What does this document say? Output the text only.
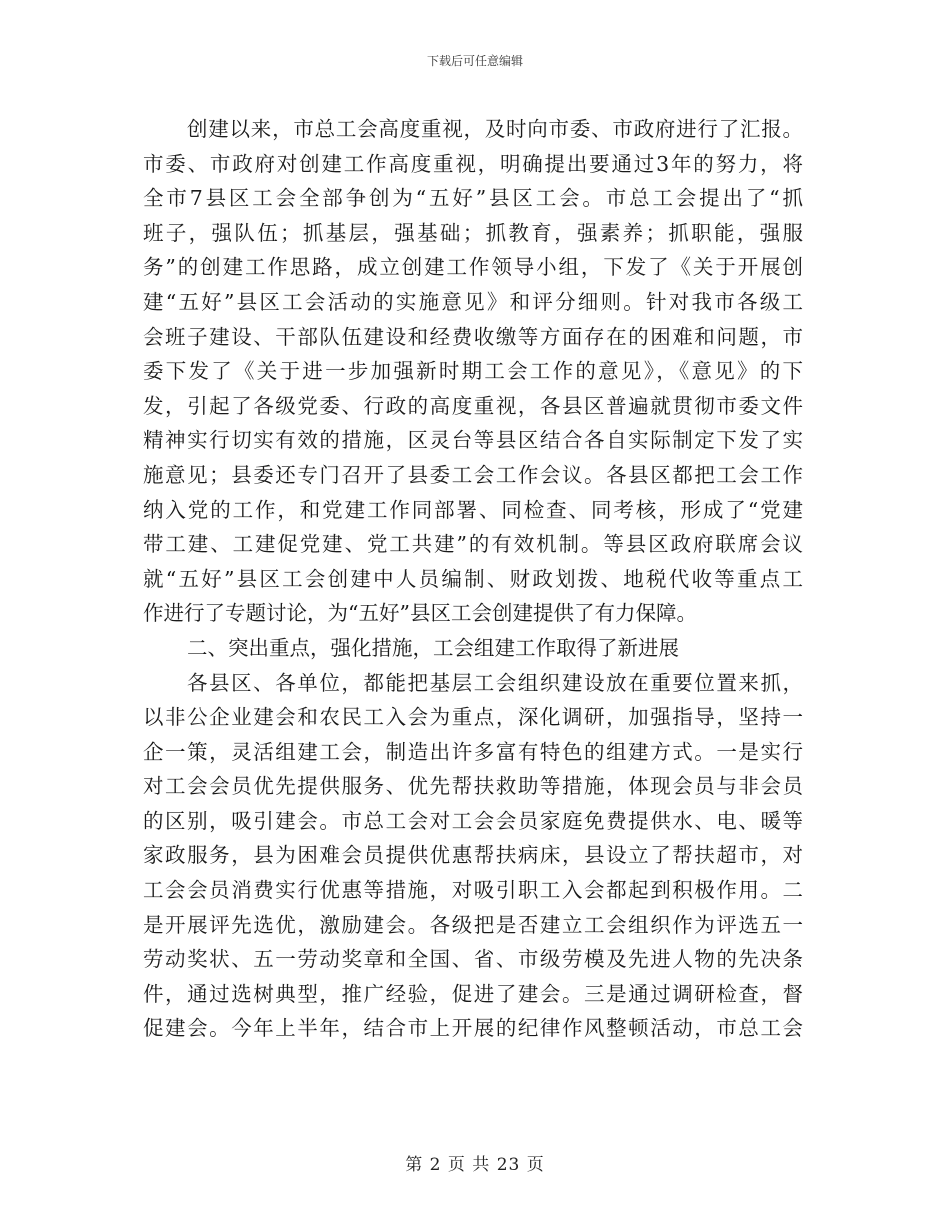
下载后可任意编辑
创建以来，市总工会高度重视，及时向市委、市政府进行了汇报。
市委、市政府对创建工作高度重视，明确提出要通过3年的努力，将
全市7县区工会全部争创为“五好”县区工会。市总工会提出了“抓
班子，强队伍；抓基层，强基础；抓教育，强素养；抓职能，强服
务”的创建工作思路，成立创建工作领导小组，下发了《关于开展创
建“五好”县区工会活动的实施意见》和评分细则。针对我市各级工
会班子建设、干部队伍建设和经费收缴等方面存在的困难和问题，市
委下发了《关于进一步加强新时期工会工作的意见》，《意见》的下
发，引起了各级党委、行政的高度重视，各县区普遍就贯彻市委文件
精神实行切实有效的措施，区灵台等县区结合各自实际制定下发了实
施意见；县委还专门召开了县委工会工作会议。各县区都把工会工作
纳入党的工作，和党建工作同部署、同检查、同考核，形成了“党建
带工建、工建促党建、党工共建”的有效机制。等县区政府联席会议
就“五好”县区工会创建中人员编制、财政划拨、地税代收等重点工
作进行了专题讨论，为“五好”县区工会创建提供了有力保障。
二、突出重点，强化措施，工会组建工作取得了新进展
各县区、各单位，都能把基层工会组织建设放在重要位置来抓，
以非公企业建会和农民工入会为重点，深化调研，加强指导，坚持一
企一策，灵活组建工会，制造出许多富有特色的组建方式。一是实行
对工会会员优先提供服务、优先帮扶救助等措施，体现会员与非会员
的区别，吸引建会。市总工会对工会会员家庭免费提供水、电、暖等
家政服务，县为困难会员提供优惠帮扶病床，县设立了帮扶超市，对
工会会员消费实行优惠等措施，对吸引职工入会都起到积极作用。二
是开展评先选优，激励建会。各级把是否建立工会组织作为评选五一
劳动奖状、五一劳动奖章和全国、省、市级劳模及先进人物的先决条
件，通过选树典型，推广经验，促进了建会。三是通过调研检查，督
促建会。今年上半年，结合市上开展的纪律作风整顿活动，市总工会
第 2 页 共 23 页
